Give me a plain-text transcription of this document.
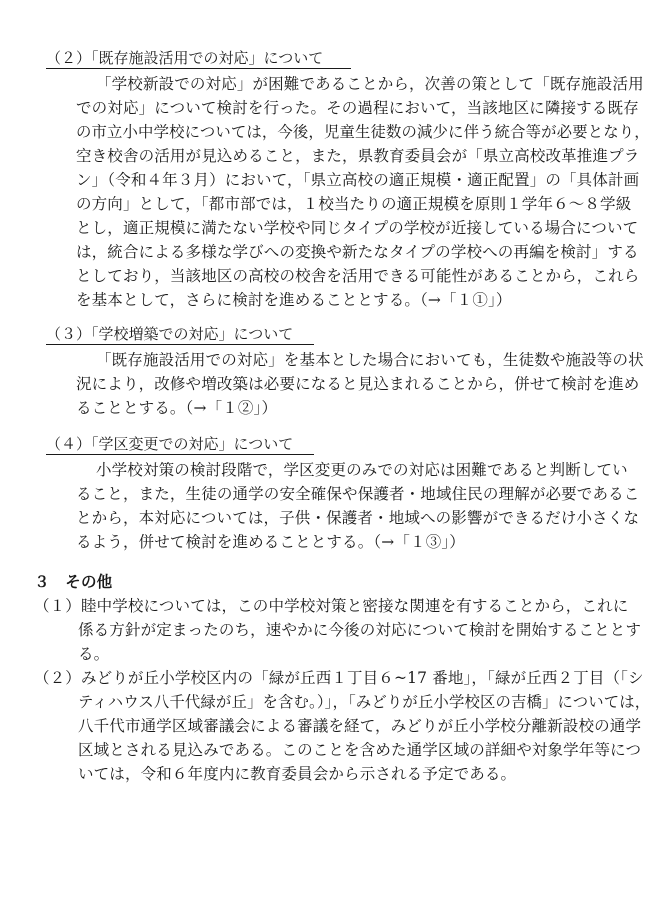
（２）「既存施設活用での対応」について
「学校新設での対応」が困難であることから，次善の策として「既存施設活用
での対応」について検討を行った。その過程において，当該地区に隣接する既存
の市立小中学校については，今後，児童生徒数の減少に伴う統合等が必要となり，
空き校舎の活用が見込めること，また，県教育委員会が「県立高校改革推進プラ
ン」（令和４年３月）において，「県立高校の適正規模・適正配置」の「具体計画
の方向」として，「都市部では，１校当たりの適正規模を原則１学年６～８学級
とし，適正規模に満たない学校や同じタイプの学校が近接している場合について
は，統合による多様な学びへの変換や新たなタイプの学校への再編を検討」する
としており，当該地区の高校の校舎を活用できる可能性があることから，これら
を基本として，さらに検討を進めることとする。（→「１①」）
（３）「学校増築での対応」について
「既存施設活用での対応」を基本とした場合においても，生徒数や施設等の状
況により，改修や増改築は必要になると見込まれることから，併せて検討を進め
ることとする。（→「１②」）
（４）「学区変更での対応」について
小学校対策の検討段階で，学区変更のみでの対応は困難であると判断してい
ること，また，生徒の通学の安全確保や保護者・地域住民の理解が必要であるこ
とから，本対応については，子供・保護者・地域への影響ができるだけ小さくな
るよう，併せて検討を進めることとする。（→「１③」）
３　その他
（１）睦中学校については，この中学校対策と密接な関連を有することから，これに
係る方針が定まったのち，速やかに今後の対応について検討を開始することとす
る。
（２）みどりが丘小学校区内の「緑が丘西１丁目６~17 番地」，「緑が丘西２丁目（「シ
ティハウス八千代緑が丘」を含む。）」，「みどりが丘小学校区の吉橋」については，
八千代市通学区域審議会による審議を経て，みどりが丘小学校分離新設校の通学
区域とされる見込みである。このことを含めた通学区域の詳細や対象学年等につ
いては，令和６年度内に教育委員会から示される予定である。
